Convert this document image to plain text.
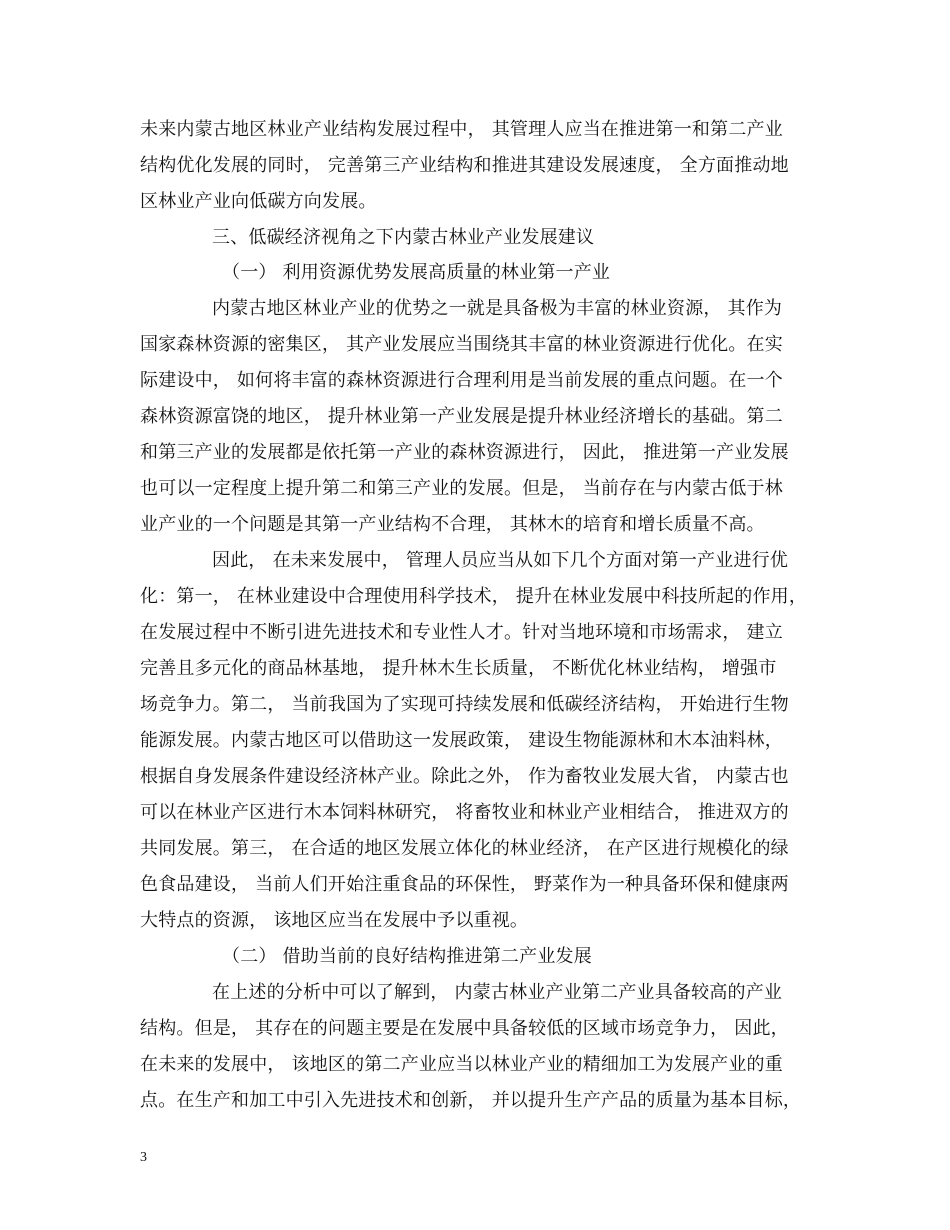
未来内蒙古地区林业产业结构发展过程中， 其管理人应当在推进第一和第二产业
结构优化发展的同时， 完善第三产业结构和推进其建设发展速度， 全方面推动地
区林业产业向低碳方向发展。
三、低碳经济视角之下内蒙古林业产业发展建议
（一） 利用资源优势发展高质量的林业第一产业
内蒙古地区林业产业的优势之一就是具备极为丰富的林业资源， 其作为
国家森林资源的密集区， 其产业发展应当围绕其丰富的林业资源进行优化。在实
际建设中， 如何将丰富的森林资源进行合理利用是当前发展的重点问题。在一个
森林资源富饶的地区， 提升林业第一产业发展是提升林业经济增长的基础。第二
和第三产业的发展都是依托第一产业的森林资源进行， 因此， 推进第一产业发展
也可以一定程度上提升第二和第三产业的发展。但是， 当前存在与内蒙古低于林
业产业的一个问题是其第一产业结构不合理， 其林木的培育和增长质量不高。
因此， 在未来发展中， 管理人员应当从如下几个方面对第一产业进行优
化：第一， 在林业建设中合理使用科学技术， 提升在林业发展中科技所起的作用，
在发展过程中不断引进先进技术和专业性人才。针对当地环境和市场需求， 建立
完善且多元化的商品林基地， 提升林木生长质量， 不断优化林业结构， 增强市
场竞争力。第二， 当前我国为了实现可持续发展和低碳经济结构， 开始进行生物
能源发展。内蒙古地区可以借助这一发展政策， 建设生物能源林和木本油料林，
根据自身发展条件建设经济林产业。除此之外， 作为畜牧业发展大省， 内蒙古也
可以在林业产区进行木本饲料林研究， 将畜牧业和林业产业相结合， 推进双方的
共同发展。第三， 在合适的地区发展立体化的林业经济， 在产区进行规模化的绿
色食品建设， 当前人们开始注重食品的环保性， 野菜作为一种具备环保和健康两
大特点的资源， 该地区应当在发展中予以重视。
（二） 借助当前的良好结构推进第二产业发展
在上述的分析中可以了解到， 内蒙古林业产业第二产业具备较高的产业
结构。但是， 其存在的问题主要是在发展中具备较低的区域市场竞争力， 因此，
在未来的发展中， 该地区的第二产业应当以林业产业的精细加工为发展产业的重
点。在生产和加工中引入先进技术和创新， 并以提升生产产品的质量为基本目标，
3
